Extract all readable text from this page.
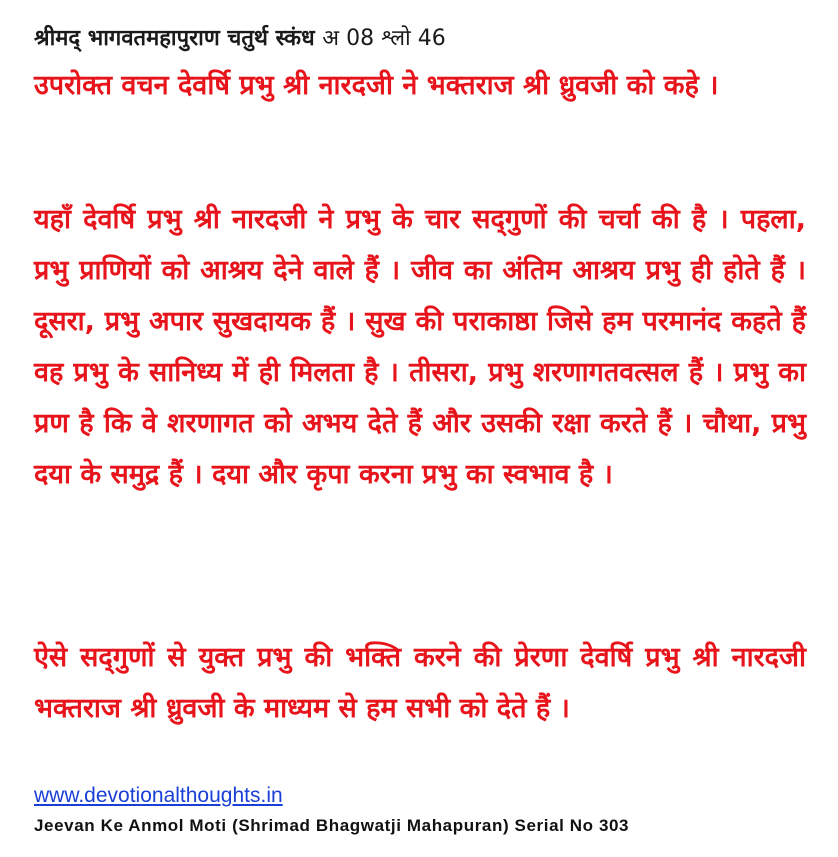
श्रीमद् भागवतमहापुराण चतुर्थ स्कंध अ 08 श्लो 46

उपरोक्त वचन देवर्षि प्रभु श्री नारदजी ने भक्तराज श्री ध्रुवजी को कहे ।

यहाँ देवर्षि प्रभु श्री नारदजी ने प्रभु के चार सद्‌गुणों की चर्चा की है । पहला, प्रभु प्राणियों को आश्रय देने वाले हैं । जीव का अंतिम आश्रय प्रभु ही होते हैं । दूसरा, प्रभु अपार सुखदायक हैं । सुख की पराकाष्ठा जिसे हम परमानंद कहते हैं वह प्रभु के सानिध्य में ही मिलता है । तीसरा, प्रभु शरणागतवत्सल हैं । प्रभु का प्रण है कि वे शरणागत को अभय देते हैं और उसकी रक्षा करते हैं । चौथा, प्रभु दया के समुद्र हैं । दया और कृपा करना प्रभु का स्वभाव है ।

ऐसे सद्‌गुणों से युक्त प्रभु की भक्ति करने की प्रेरणा देवर्षि प्रभु श्री नारदजी भक्तराज श्री ध्रुवजी के माध्यम से हम सभी को देते हैं ।

www.devotionalthoughts.in
Jeevan Ke Anmol Moti (Shrimad Bhagwatji Mahapuran) Serial No 303
